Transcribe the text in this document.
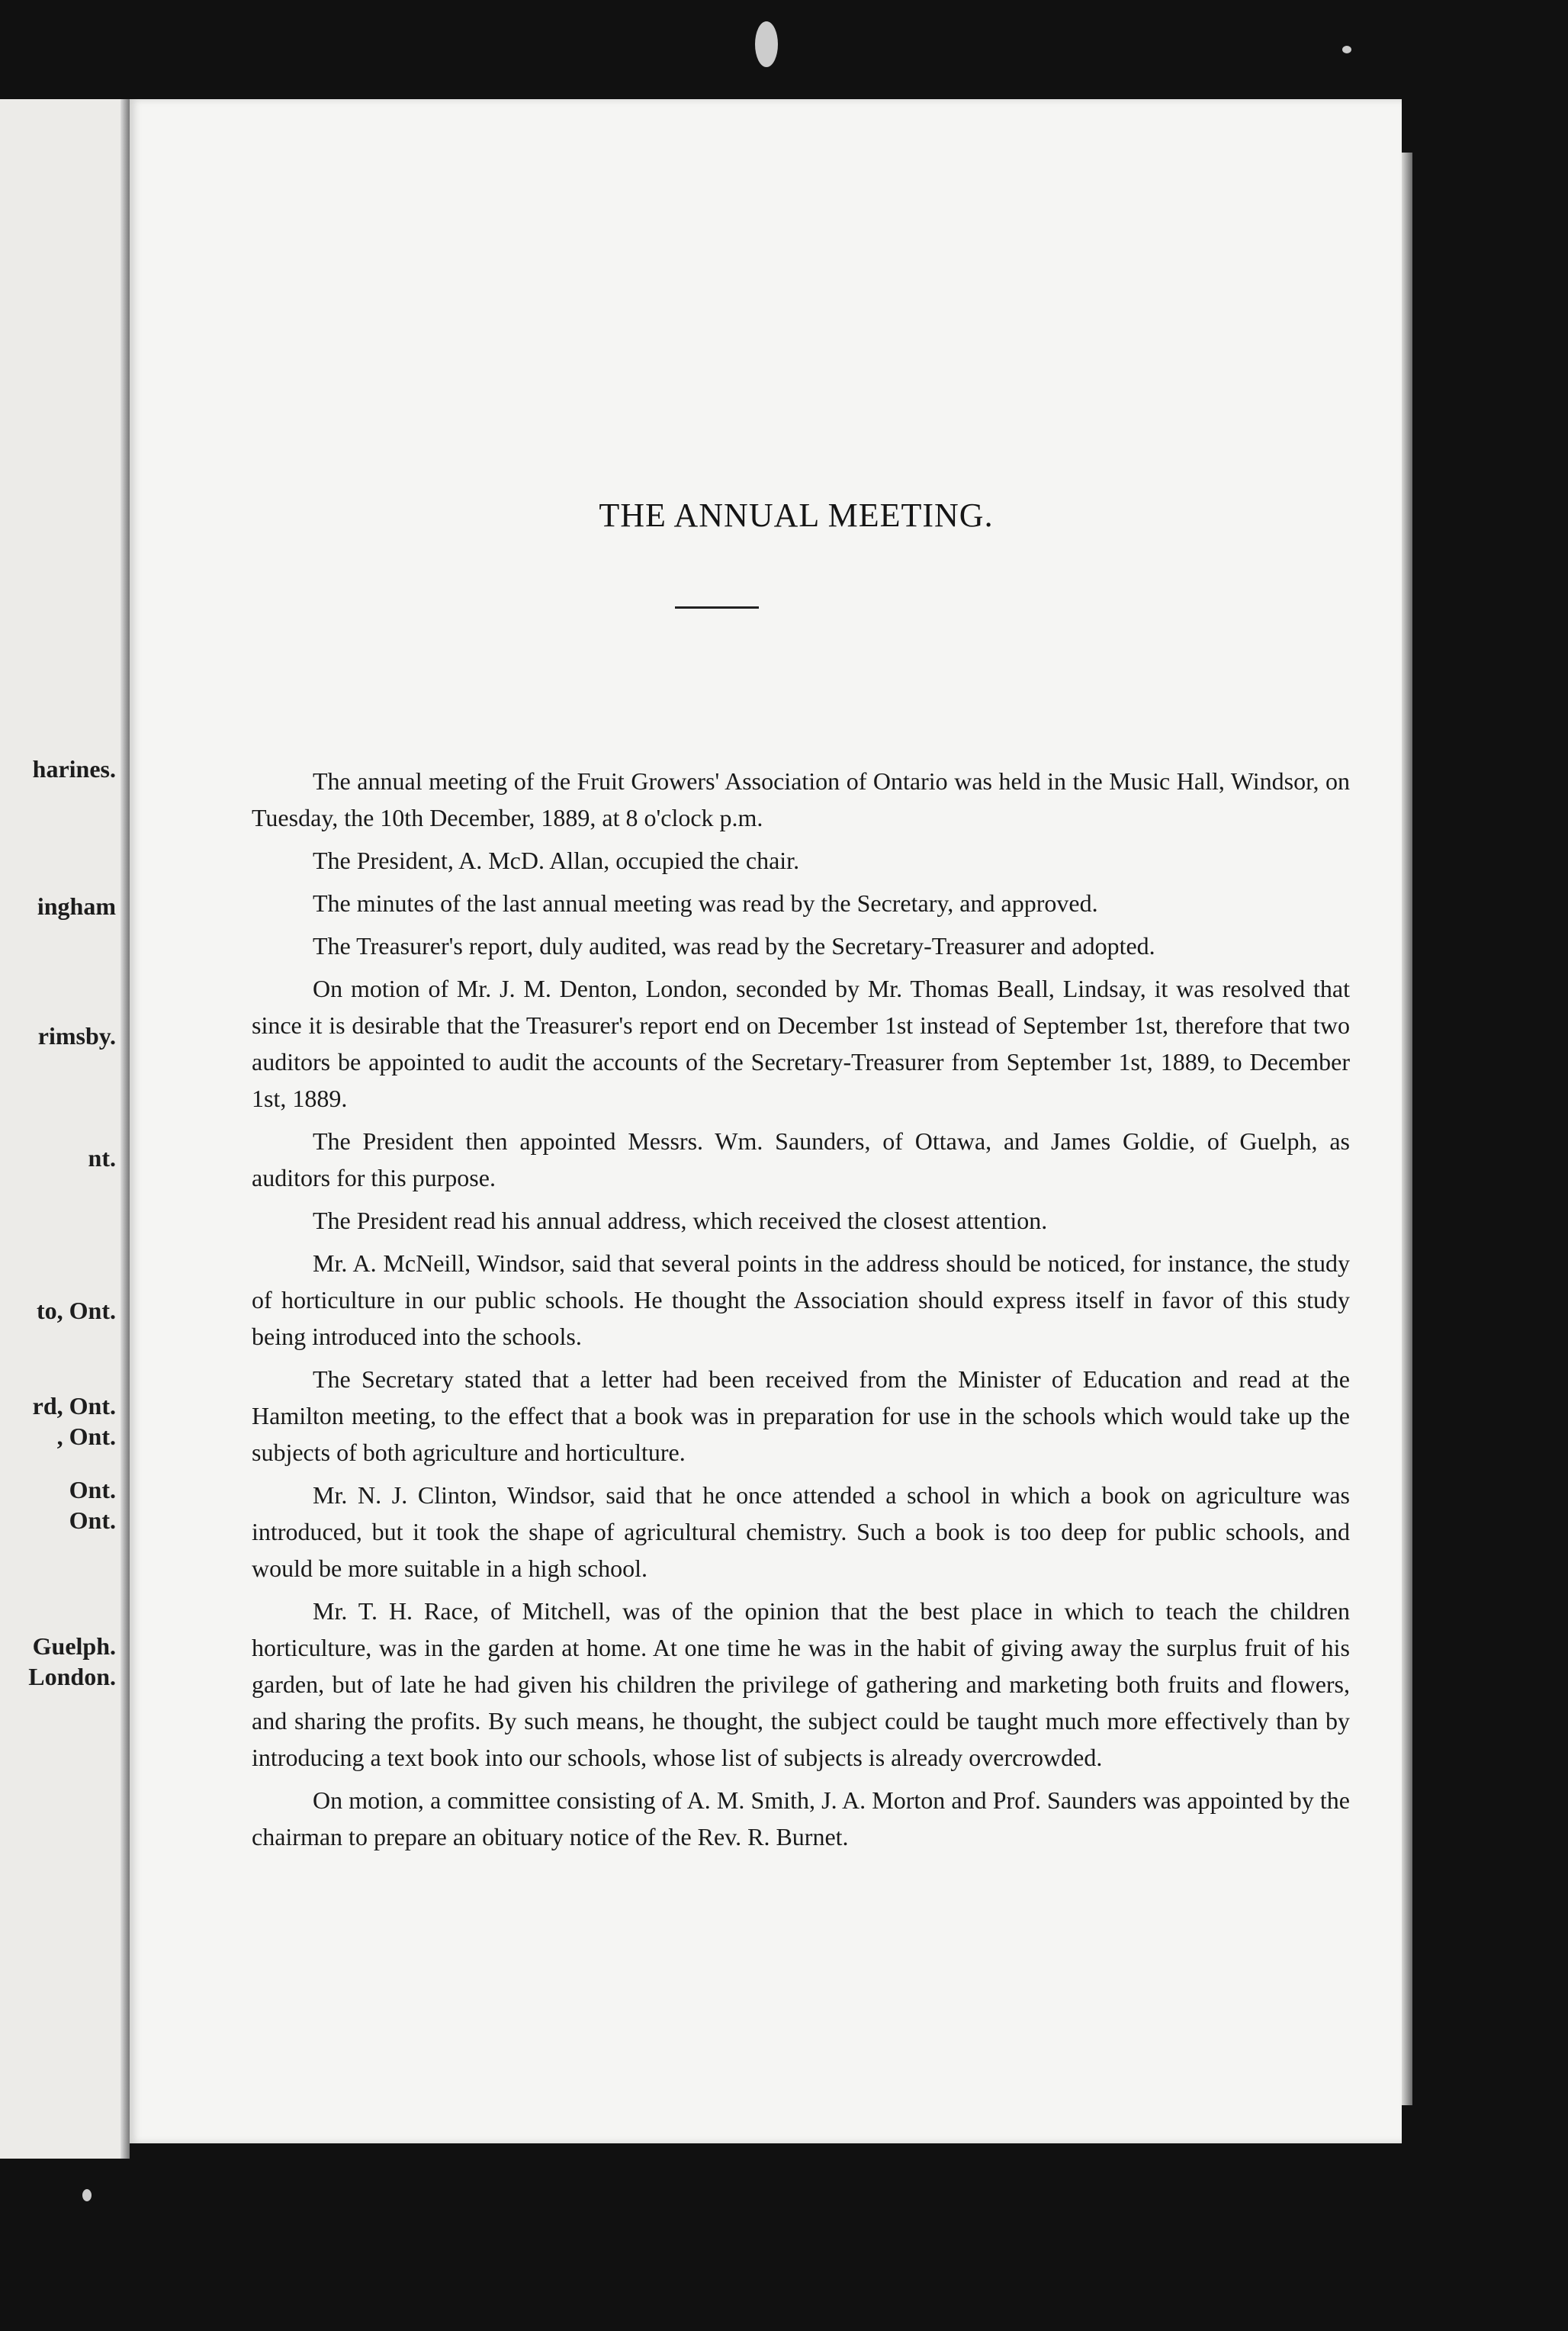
harines.
ingham
rimsby.
nt.
to, Ont.
rd, Ont.
, Ont.
Ont.
Ont.
Guelph.
London.
THE ANNUAL MEETING.

The annual meeting of the Fruit Growers' Association of Ontario was held in the Music Hall, Windsor, on Tuesday, the 10th December, 1889, at 8 o'clock p.m.

The President, A. McD. Allan, occupied the chair.

The minutes of the last annual meeting was read by the Secretary, and approved.

The Treasurer's report, duly audited, was read by the Secretary-Treasurer and adopted.

On motion of Mr. J. M. Denton, London, seconded by Mr. Thomas Beall, Lindsay, it was resolved that since it is desirable that the Treasurer's report end on December 1st instead of September 1st, therefore that two auditors be appointed to audit the accounts of the Secretary-Treasurer from September 1st, 1889, to December 1st, 1889.

The President then appointed Messrs. Wm. Saunders, of Ottawa, and James Goldie, of Guelph, as auditors for this purpose.

The President read his annual address, which received the closest attention.

Mr. A. McNeill, Windsor, said that several points in the address should be noticed, for instance, the study of horticulture in our public schools. He thought the Association should express itself in favor of this study being introduced into the schools.

The Secretary stated that a letter had been received from the Minister of Education and read at the Hamilton meeting, to the effect that a book was in preparation for use in the schools which would take up the subjects of both agriculture and horticulture.

Mr. N. J. Clinton, Windsor, said that he once attended a school in which a book on agriculture was introduced, but it took the shape of agricultural chemistry. Such a book is too deep for public schools, and would be more suitable in a high school.

Mr. T. H. Race, of Mitchell, was of the opinion that the best place in which to teach the children horticulture, was in the garden at home. At one time he was in the habit of giving away the surplus fruit of his garden, but of late he had given his children the privilege of gathering and marketing both fruits and flowers, and sharing the profits. By such means, he thought, the subject could be taught much more effectively than by introducing a text book into our schools, whose list of subjects is already overcrowded.

On motion, a committee consisting of A. M. Smith, J. A. Morton and Prof. Saunders was appointed by the chairman to prepare an obituary notice of the Rev. R. Burnet.
